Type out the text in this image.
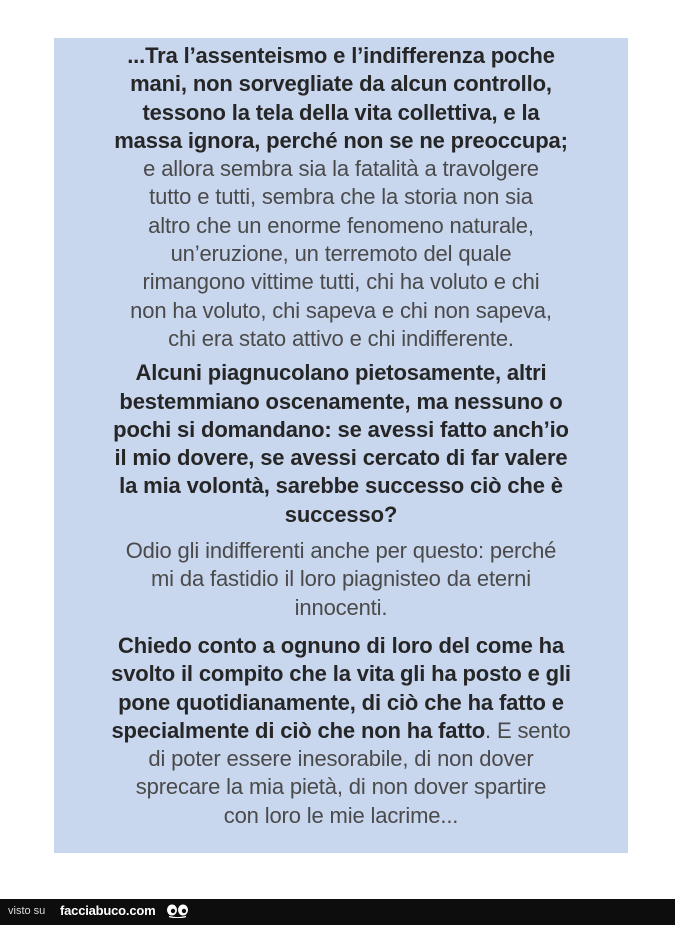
...Tra l’assenteismo e l’indifferenza poche
mani, non sorvegliate da alcun controllo,
tessono la tela della vita collettiva, e la
massa ignora, perché non se ne preoccupa;
e allora sembra sia la fatalità a travolgere
tutto e tutti, sembra che la storia non sia
altro che un enorme fenomeno naturale,
un’eruzione, un terremoto del quale
rimangono vittime tutti, chi ha voluto e chi
non ha voluto, chi sapeva e chi non sapeva,
chi era stato attivo e chi indifferente.
Alcuni piagnucolano pietosamente, altri
bestemmiano oscenamente, ma nessuno o
pochi si domandano: se avessi fatto anch’io
il mio dovere, se avessi cercato di far valere
la mia volontà, sarebbe successo ciò che è
successo?
Odio gli indifferenti anche per questo: perché
mi da fastidio il loro piagnisteo da eterni
innocenti.
Chiedo conto a ognuno di loro del come ha
svolto il compito che la vita gli ha posto e gli
pone quotidianamente, di ciò che ha fatto e
specialmente di ciò che non ha fatto. E sento
di poter essere inesorabile, di non dover
sprecare la mia pietà, di non dover spartire
con loro le mie lacrime...
visto su facciabuco.com
